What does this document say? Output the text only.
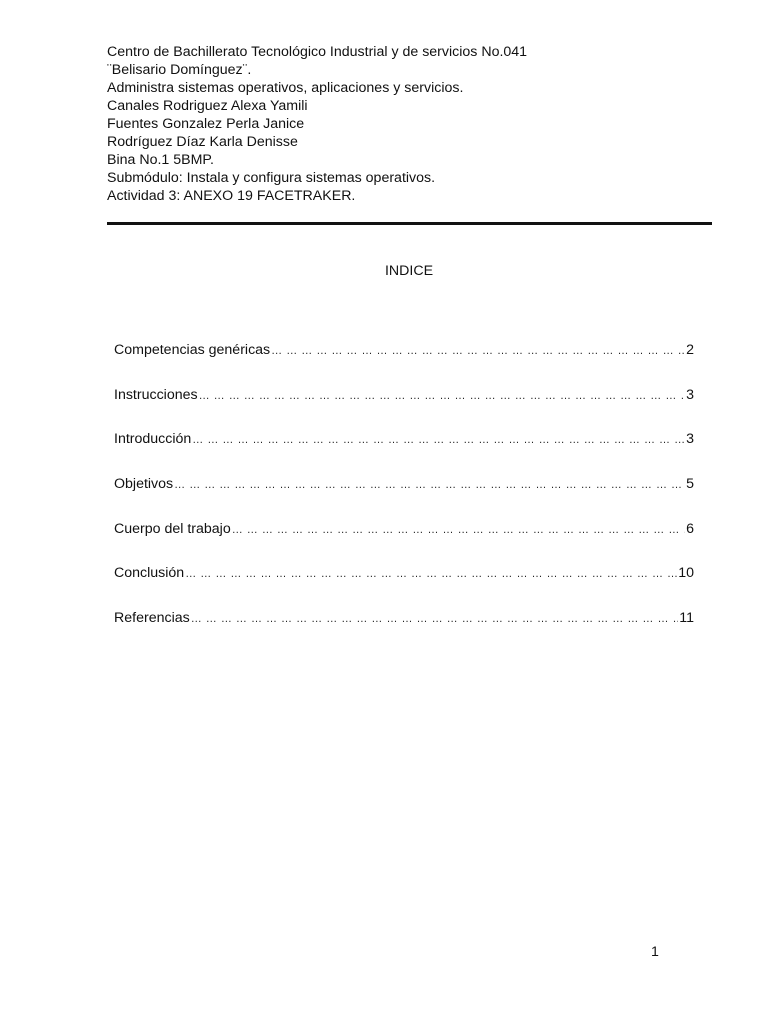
Centro de Bachillerato Tecnológico Industrial y de servicios No.041
¨Belisario Domínguez¨.
Administra sistemas operativos, aplicaciones y servicios.
Canales Rodriguez Alexa Yamili
Fuentes Gonzalez Perla Janice
Rodríguez Díaz Karla Denisse
Bina No.1 5BMP.
Submódulo: Instala y configura sistemas operativos.
Actividad 3: ANEXO 19 FACETRAKER.
INDICE
Competencias genéricas … … … … … … … … … … … … … … … … … … … … … … … … … … … … … … … … … … … … … … … … … … … … … … … … … … …	2
Instrucciones … … … … … … … … … … … … … … … … … … … … … … … … … … … … … … … … … … … … … … … … … … … … … … … … … … …	3
Introducción … … … … … … … … … … … … … … … … … … … … … … … … … … … … … … … … … … … … … … … … … … … … … … … … … … …	3
Objetivos … … … … … … … … … … … … … … … … … … … … … … … … … … … … … … … … … … … … … … … … … … … … … … … … … … …	5
Cuerpo del trabajo … … … … … … … … … … … … … … … … … … … … … … … … … … … … … … … … … … … … … … … … … … … … … … … … … … …	6
Conclusión … … … … … … … … … … … … … … … … … … … … … … … … … … … … … … … … … … … … … … … … … … … … … … … … … … …	10
Referencias … … … … … … … … … … … … … … … … … … … … … … … … … … … … … … … … … … … … … … … … … … … … … … … … … … …	11
1
